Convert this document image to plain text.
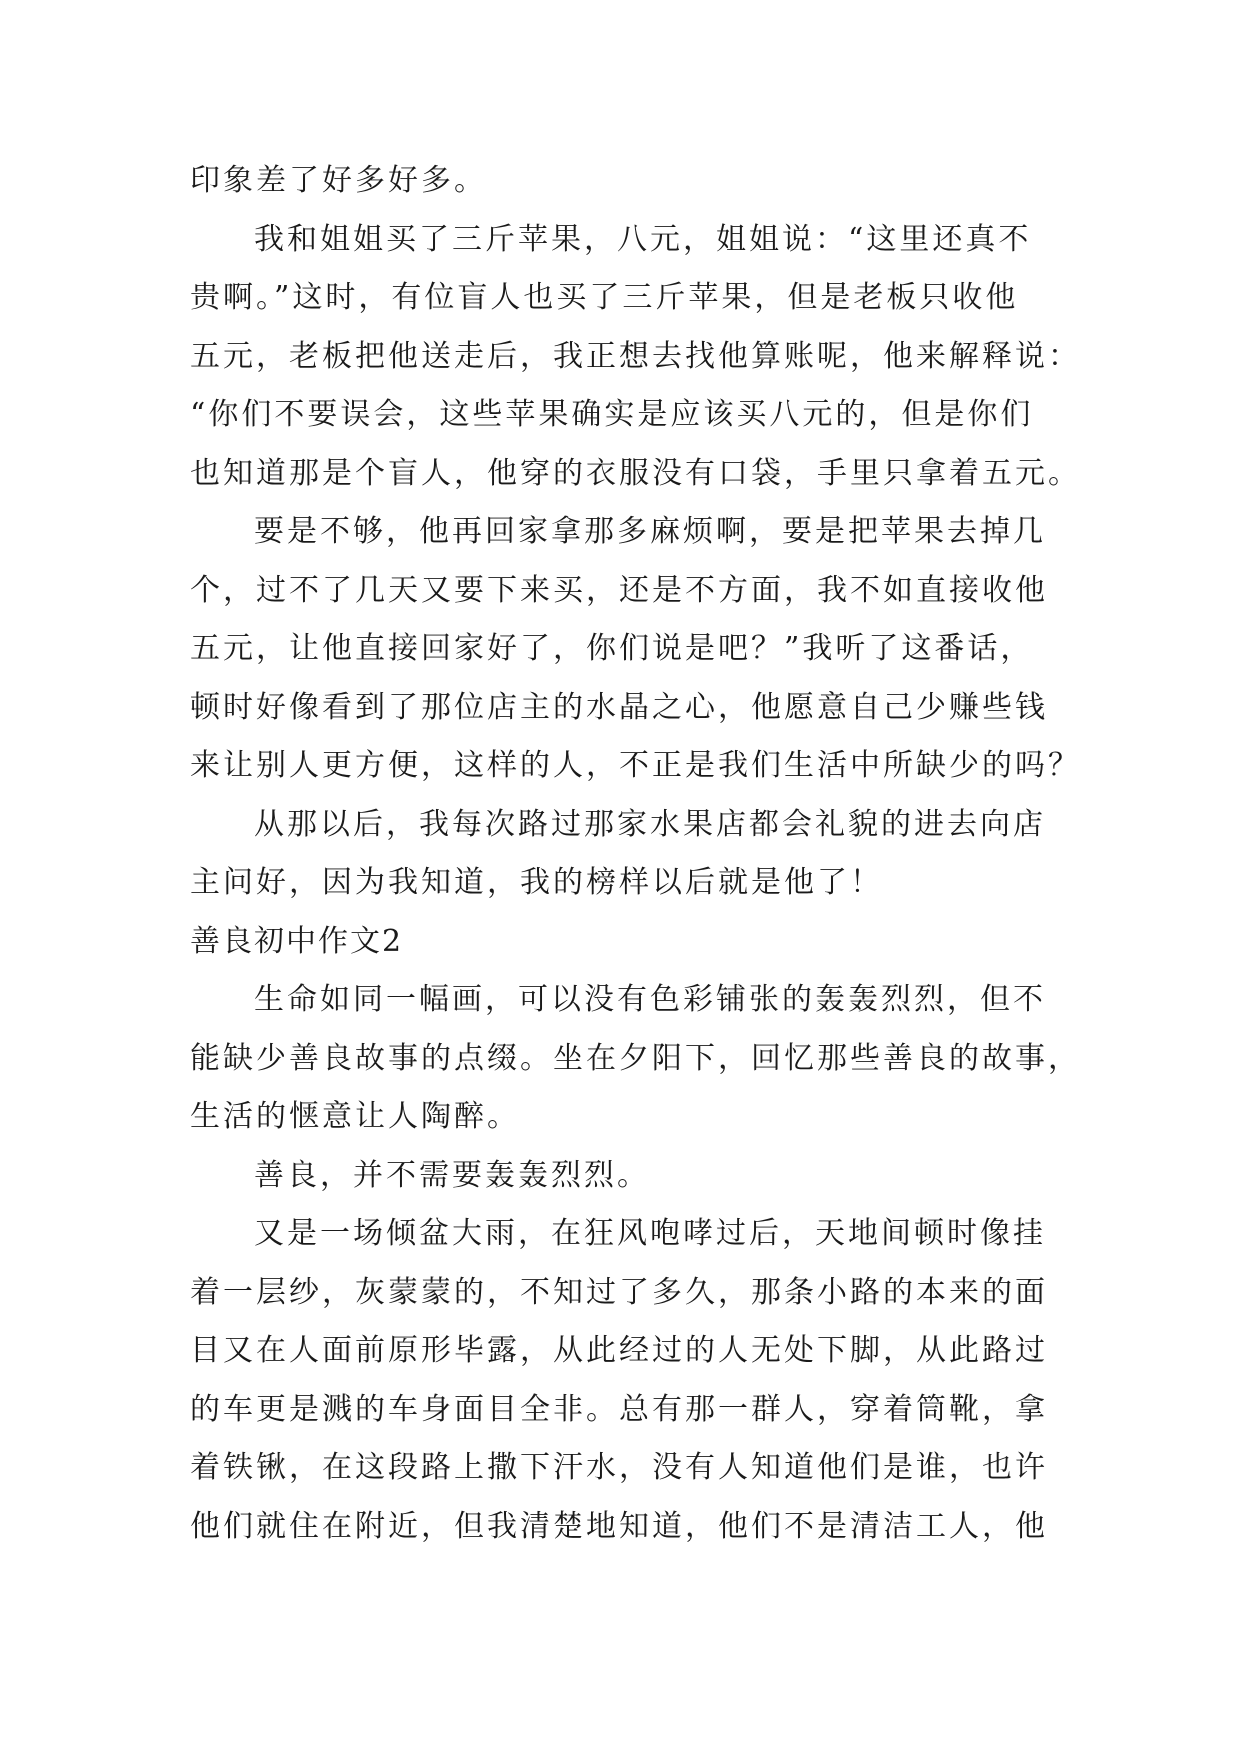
印象差了好多好多。
我和姐姐买了三斤苹果，八元，姐姐说：“这里还真不
贵啊。”这时，有位盲人也买了三斤苹果，但是老板只收他
五元，老板把他送走后，我正想去找他算账呢，他来解释说：
“你们不要误会，这些苹果确实是应该买八元的，但是你们
也知道那是个盲人，他穿的衣服没有口袋，手里只拿着五元。
要是不够，他再回家拿那多麻烦啊，要是把苹果去掉几
个，过不了几天又要下来买，还是不方面，我不如直接收他
五元，让他直接回家好了，你们说是吧？”我听了这番话，
顿时好像看到了那位店主的水晶之心，他愿意自己少赚些钱
来让别人更方便，这样的人，不正是我们生活中所缺少的吗？
从那以后，我每次路过那家水果店都会礼貌的进去向店
主问好，因为我知道，我的榜样以后就是他了！
善良初中作文2
生命如同一幅画，可以没有色彩铺张的轰轰烈烈，但不
能缺少善良故事的点缀。坐在夕阳下，回忆那些善良的故事，
生活的惬意让人陶醉。
善良，并不需要轰轰烈烈。
又是一场倾盆大雨，在狂风咆哮过后，天地间顿时像挂
着一层纱，灰蒙蒙的，不知过了多久，那条小路的本来的面
目又在人面前原形毕露，从此经过的人无处下脚，从此路过
的车更是溅的车身面目全非。总有那一群人，穿着筒靴，拿
着铁锹，在这段路上撒下汗水，没有人知道他们是谁，也许
他们就住在附近，但我清楚地知道，他们不是清洁工人，他
